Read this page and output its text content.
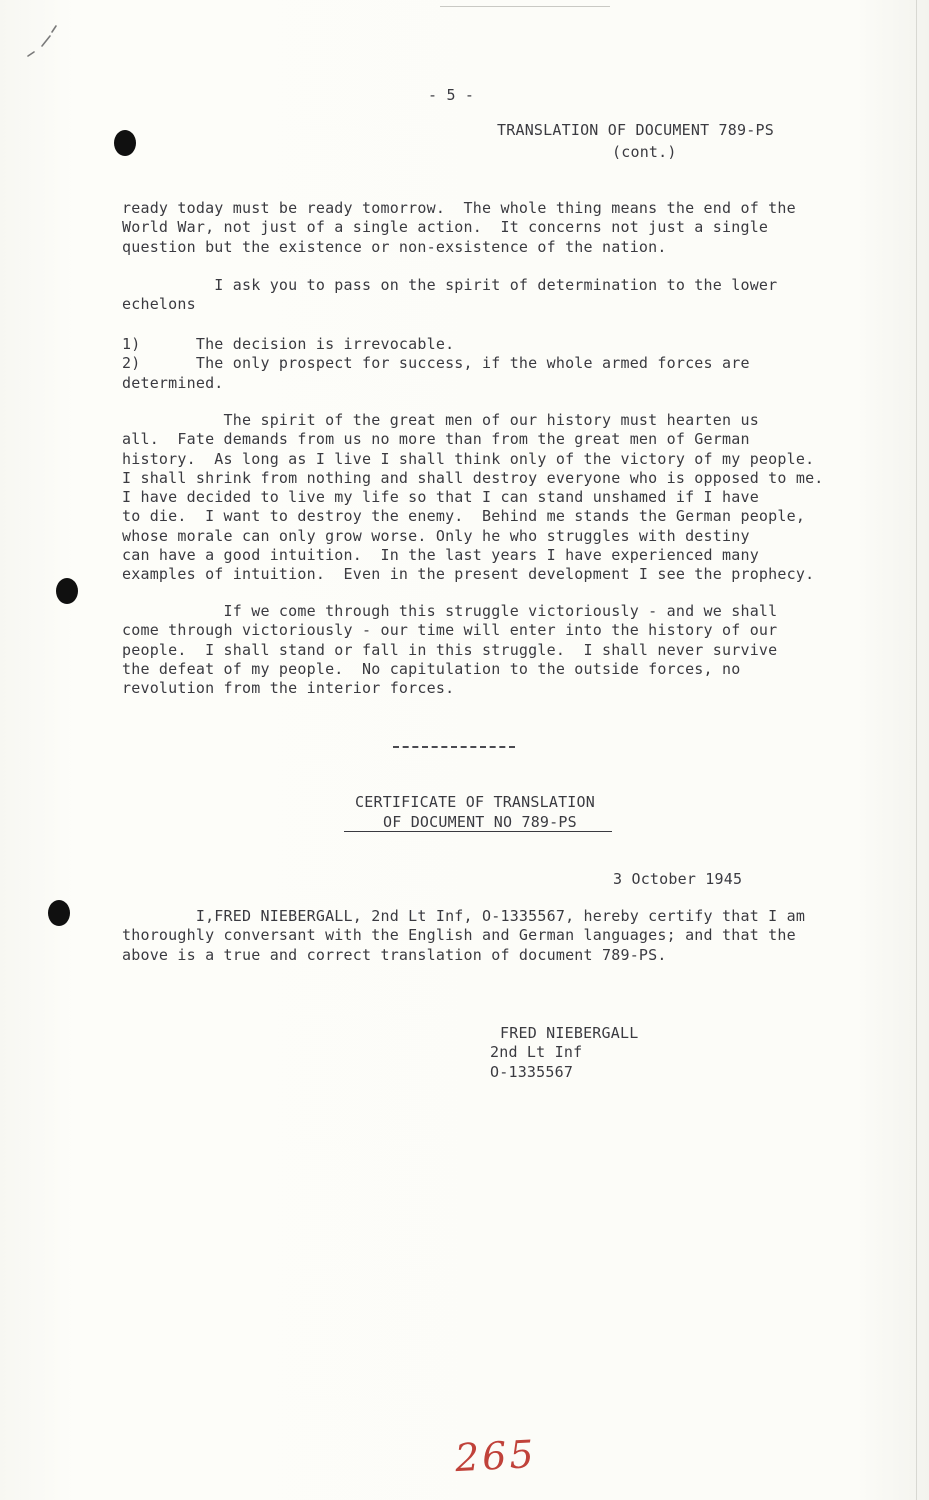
- 5 -
TRANSLATION OF DOCUMENT 789-PS
(cont.)
ready today must be ready tomorrow.  The whole thing means the end of the
World War, not just of a single action.  It concerns not just a single
question but the existence or non-exsistence of the nation.
I ask you to pass on the spirit of determination to the lower
echelons
1)      The decision is irrevocable.
2)      The only prospect for success, if the whole armed forces are
determined.
The spirit of the great men of our history must hearten us
all.  Fate demands from us no more than from the great men of German
history.  As long as I live I shall think only of the victory of my people.
I shall shrink from nothing and shall destroy everyone who is opposed to me.
I have decided to live my life so that I can stand unshamed if I have
to die.  I want to destroy the enemy.  Behind me stands the German people,
whose morale can only grow worse. Only he who struggles with destiny
can have a good intuition.  In the last years I have experienced many
examples of intuition.  Even in the present development I see the prophecy.
If we come through this struggle victoriously - and we shall
come through victoriously - our time will enter into the history of our
people.  I shall stand or fall in this struggle.  I shall never survive
the defeat of my people.  No capitulation to the outside forces, no
revolution from the interior forces.
CERTIFICATE OF TRANSLATION
OF DOCUMENT NO 789-PS
3 October 1945
I,FRED NIEBERGALL, 2nd Lt Inf, O-1335567, hereby certify that I am
thoroughly conversant with the English and German languages; and that the
above is a true and correct translation of document 789-PS.
FRED NIEBERGALL
2nd Lt Inf
O-1335567
265
